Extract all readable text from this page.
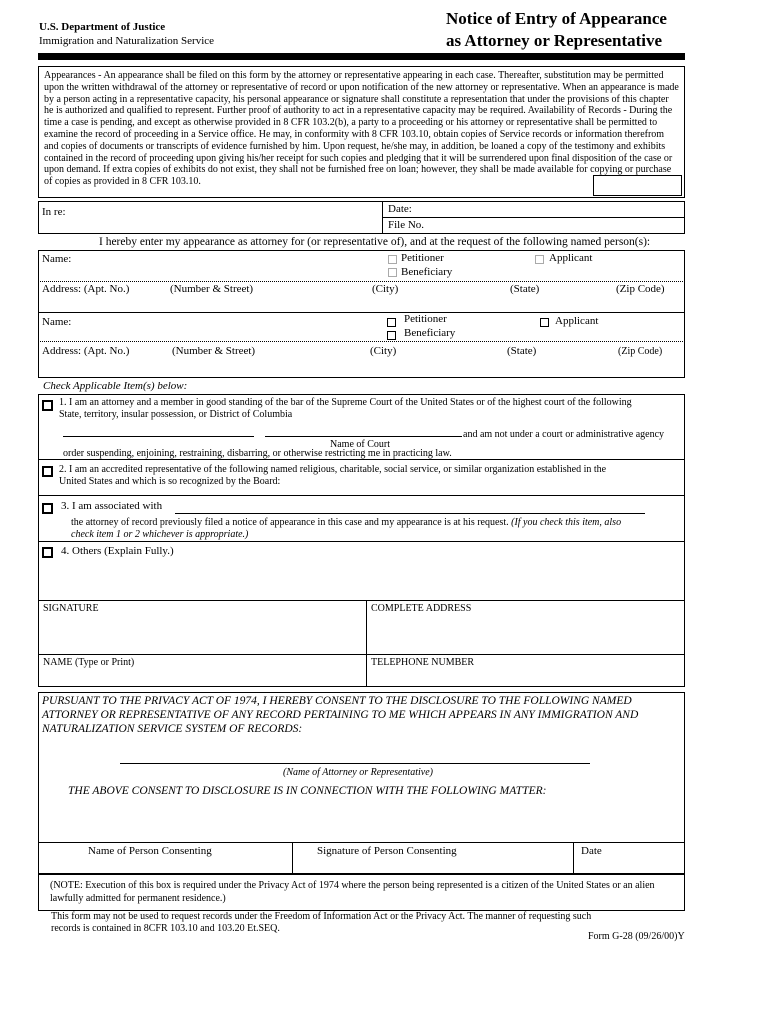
U.S. Department of Justice
Immigration and Naturalization Service
Notice of Entry of Appearance
as Attorney or Representative
Appearances - An appearance shall be filed on this form by the attorney or representative appearing in each case. Thereafter, substitution may be permitted upon the written withdrawal of the attorney or representative of record or upon notification of the new attorney or representative. When an appearance is made by a person acting in a representative capacity, his personal appearance or signature shall constitute a representation that under the provisions of this chapter he is authorized and qualified to represent. Further proof of authority to act in a representative capacity may be required. Availability of Records - During the time a case is pending, and except as otherwise provided in 8 CFR 103.2(b), a party to a proceeding or his attorney or representative shall be permitted to examine the record of proceeding in a Service office. He may, in conformity with 8 CFR 103.10, obtain copies of Service records or information therefrom and copies of documents or transcripts of evidence furnished by him. Upon request, he/she may, in addition, be loaned a copy of the testimony and exhibits contained in the record of proceeding upon giving his/her receipt for such copies and pledging that it will be surrendered upon final disposition of the case or upon demand. If extra copies of exhibits do not exist, they shall not be furnished free on loan; however, they shall be made available for copying or purchase of copies as provided in 8 CFR 103.10.
In re:	Date:
File No.
I hereby enter my appearance as attorney for (or representative of), and at the request of the following named person(s):
Name:	Petitioner
Beneficiary
Applicant
Address: (Apt. No.)	(Number & Street)	(City)	(State)	(Zip Code)
Name:	Petitioner
Beneficiary
Applicant
Address: (Apt. No.)	(Number & Street)	(City)	(State)	(Zip Code)
Check Applicable Item(s) below:
1. I am an attorney and a member in good standing of the bar of the Supreme Court of the United States or of the highest court of the following
State, territory, insular possession, or District of Columbia
and am not under a court or administrative agency
Name of Court
order suspending, enjoining, restraining, disbarring, or otherwise restricting me in practicing law.
2. I am an accredited representative of the following named religious, charitable, social service, or similar organization established in the
United States and which is so recognized by the Board:
3. I am associated with
the attorney of record previously filed a notice of appearance in this case and my appearance is at his request. (If you check this item, also
check item 1 or 2 whichever is appropriate.)
4. Others (Explain Fully.)
SIGNATURE	COMPLETE ADDRESS
NAME (Type or Print)	TELEPHONE NUMBER
PURSUANT TO THE PRIVACY ACT OF 1974, I HEREBY CONSENT TO THE DISCLOSURE TO THE FOLLOWING NAMED
ATTORNEY OR REPRESENTATIVE OF ANY RECORD PERTAINING TO ME WHICH APPEARS IN ANY IMMIGRATION AND
NATURALIZATION SERVICE SYSTEM OF RECORDS:
(Name of Attorney or Representative)
THE ABOVE CONSENT TO DISCLOSURE IS IN CONNECTION WITH THE FOLLOWING MATTER:
Name of Person Consenting	Signature of Person Consenting	Date
(NOTE: Execution of this box is required under the Privacy Act of 1974 where the person being represented is a citizen of the United States or an alien lawfully admitted for permanent residence.)
This form may not be used to request records under the Freedom of Information Act or the Privacy Act. The manner of requesting such
records is contained in 8CFR 103.10 and 103.20 Et.SEQ.
Form G-28 (09/26/00)Y
